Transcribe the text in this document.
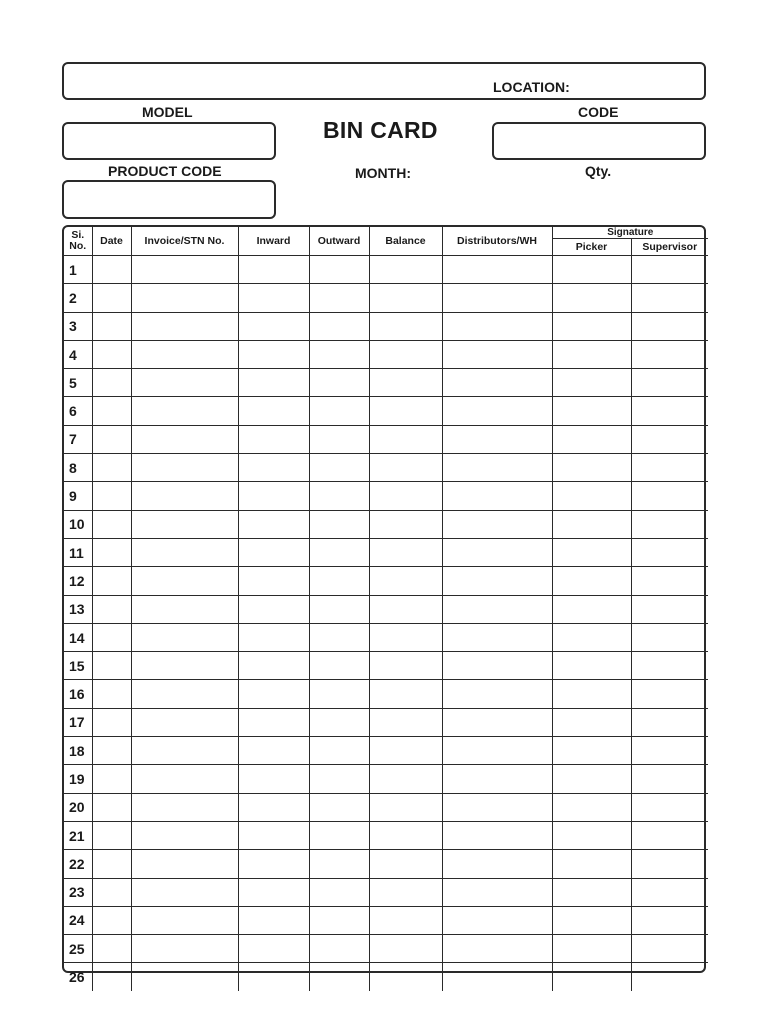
LOCATION:
MODEL
BIN CARD
CODE
PRODUCT CODE	MONTH:	Qty.
Si.
No.	Date	Invoice/STN No.	Inward	Outward	Balance	Distributors/WH	Signature	
							Picker	Supervisor
1								
2								
3								
4								
5								
6								
7								
8								
9								
10								
11								
12								
13								
14								
15								
16								
17								
18								
19								
20								
21								
22								
23								
24								
25								
26								
